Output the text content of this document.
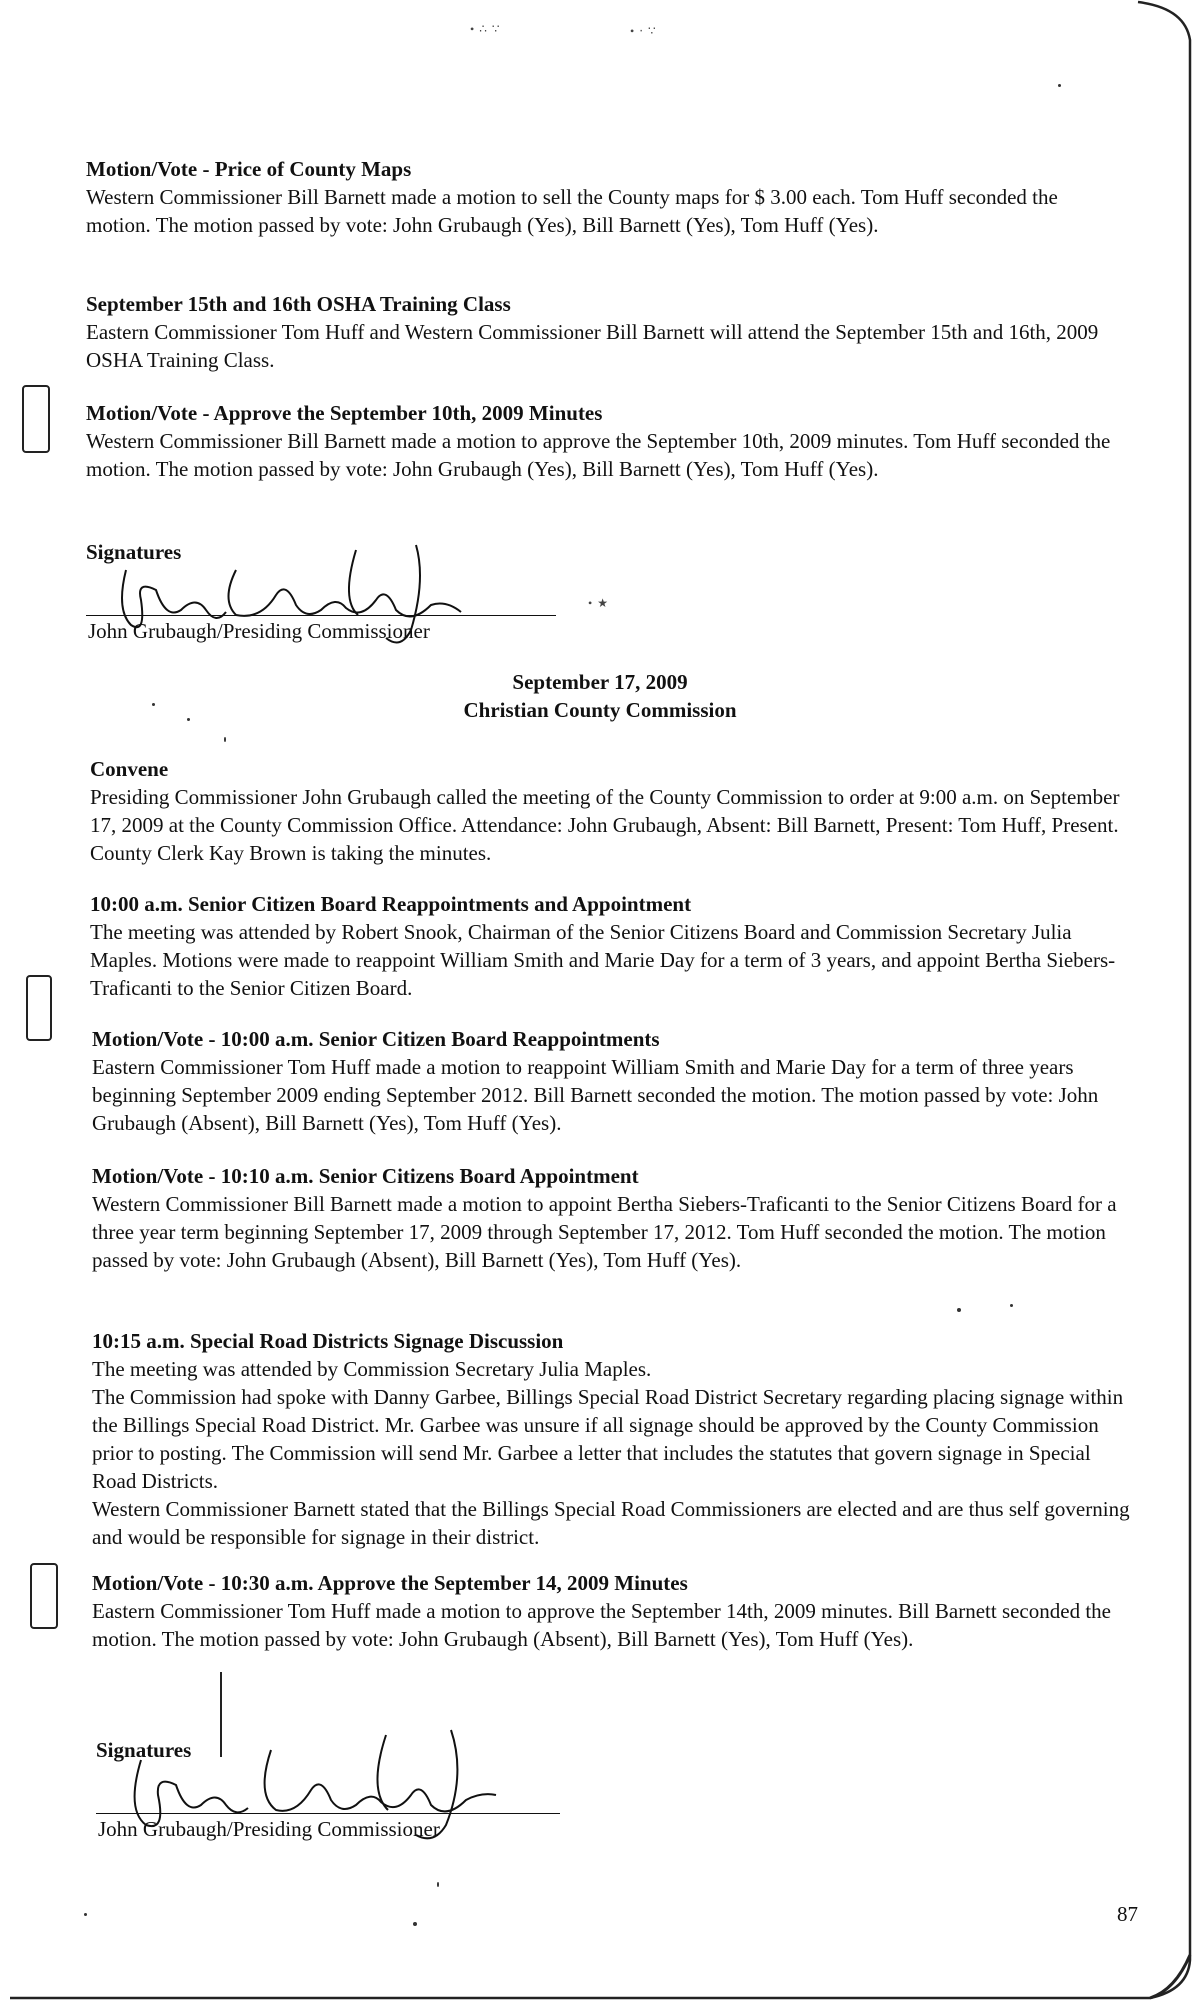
• ∴ ∵	• ‧ ∵
Motion/Vote - Price of County Maps
Western Commissioner Bill Barnett made a motion to sell the County maps for $ 3.00 each. Tom Huff seconded the motion. The motion passed by vote: John Grubaugh (Yes), Bill Barnett (Yes), Tom Huff (Yes).
September 15th and 16th OSHA Training Class
Eastern Commissioner Tom Huff and Western Commissioner Bill Barnett will attend the September 15th and 16th, 2009 OSHA Training Class.
Motion/Vote - Approve the September 10th, 2009 Minutes
Western Commissioner Bill Barnett made a motion to approve the September 10th, 2009 minutes. Tom Huff seconded the motion. The motion passed by vote: John Grubaugh (Yes), Bill Barnett (Yes), Tom Huff (Yes).
Signatures
John Grubaugh/Presiding Commissioner
• ★
September 17, 2009
Christian County Commission
Convene
Presiding Commissioner John Grubaugh called the meeting of the County Commission to order at 9:00 a.m. on September 17, 2009 at the County Commission Office. Attendance: John Grubaugh, Absent: Bill Barnett, Present: Tom Huff, Present. County Clerk Kay Brown is taking the minutes.
10:00 a.m. Senior Citizen Board Reappointments and Appointment
The meeting was attended by Robert Snook, Chairman of the Senior Citizens Board and Commission Secretary Julia Maples. Motions were made to reappoint William Smith and Marie Day for a term of 3 years, and appoint Bertha Siebers-Traficanti to the Senior Citizen Board.
Motion/Vote - 10:00 a.m. Senior Citizen Board Reappointments
Eastern Commissioner Tom Huff made a motion to reappoint William Smith and Marie Day for a term of three years beginning September 2009 ending September 2012. Bill Barnett seconded the motion. The motion passed by vote: John Grubaugh (Absent), Bill Barnett (Yes), Tom Huff (Yes).
Motion/Vote - 10:10 a.m. Senior Citizens Board Appointment
Western Commissioner Bill Barnett made a motion to appoint Bertha Siebers-Traficanti to the Senior Citizens Board for a three year term beginning September 17, 2009 through September 17, 2012. Tom Huff seconded the motion. The motion passed by vote: John Grubaugh (Absent), Bill Barnett (Yes), Tom Huff (Yes).
10:15 a.m. Special Road Districts Signage Discussion
The meeting was attended by Commission Secretary Julia Maples.
The Commission had spoke with Danny Garbee, Billings Special Road District Secretary regarding placing signage within the Billings Special Road District. Mr. Garbee was unsure if all signage should be approved by the County Commission prior to posting. The Commission will send Mr. Garbee a letter that includes the statutes that govern signage in Special Road Districts.
Western Commissioner Barnett stated that the Billings Special Road Commissioners are elected and are thus self governing and would be responsible for signage in their district.
Motion/Vote - 10:30 a.m. Approve the September 14, 2009 Minutes
Eastern Commissioner Tom Huff made a motion to approve the September 14th, 2009 minutes. Bill Barnett seconded the motion. The motion passed by vote: John Grubaugh (Absent), Bill Barnett (Yes), Tom Huff (Yes).
Signatures
John Grubaugh/Presiding Commissioner
87
